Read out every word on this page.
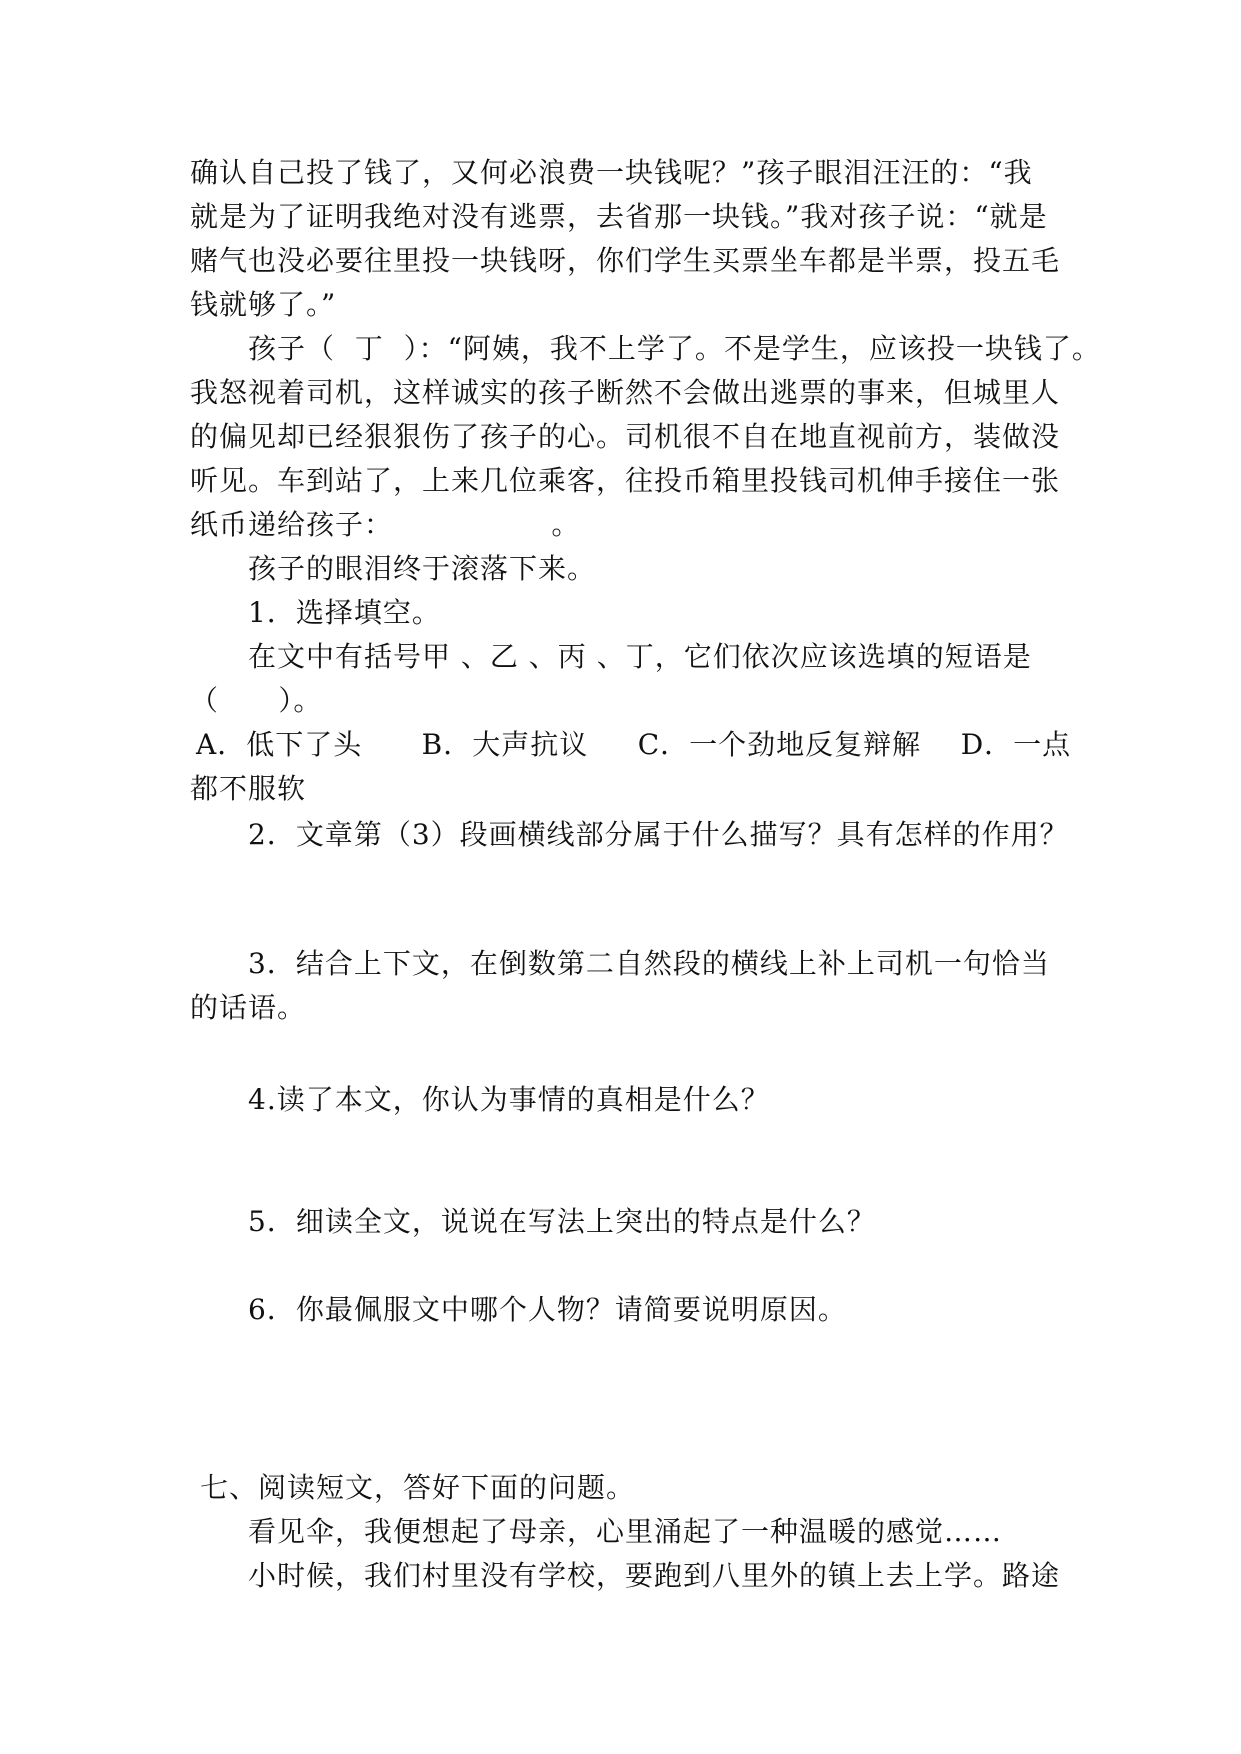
确认自己投了钱了，又何必浪费一块钱呢？”孩子眼泪汪汪的：“我
就是为了证明我绝对没有逃票，去省那一块钱。”我对孩子说：“就是
赌气也没必要往里投一块钱呀，你们学生买票坐车都是半票，投五毛
钱就够了。”
孩子（  丁  ）：“阿姨，我不上学了。不是学生，应该投一块钱了。
我怒视着司机，这样诚实的孩子断然不会做出逃票的事来，但城里人
的偏见却已经狠狠伤了孩子的心。司机很不自在地直视前方，装做没
听见。车到站了，上来几位乘客，往投币箱里投钱司机伸手接住一张
纸币递给孩子：                。
孩子的眼泪终于滚落下来。
1．选择填空。
在文中有括号甲 、乙 、丙 、丁，它们依次应该选填的短语是
（      ）。
A．低下了头      B．大声抗议     C．一个劲地反复辩解    D．一点
都不服软
2．文章第（3）段画横线部分属于什么描写？具有怎样的作用？
3．结合上下文，在倒数第二自然段的横线上补上司机一句恰当
的话语。
4.读了本文，你认为事情的真相是什么？
5．细读全文，说说在写法上突出的特点是什么？
6．你最佩服文中哪个人物？请简要说明原因。
七、阅读短文，答好下面的问题。
看见伞，我便想起了母亲，心里涌起了一种温暖的感觉……
小时候，我们村里没有学校，要跑到八里外的镇上去上学。路途
